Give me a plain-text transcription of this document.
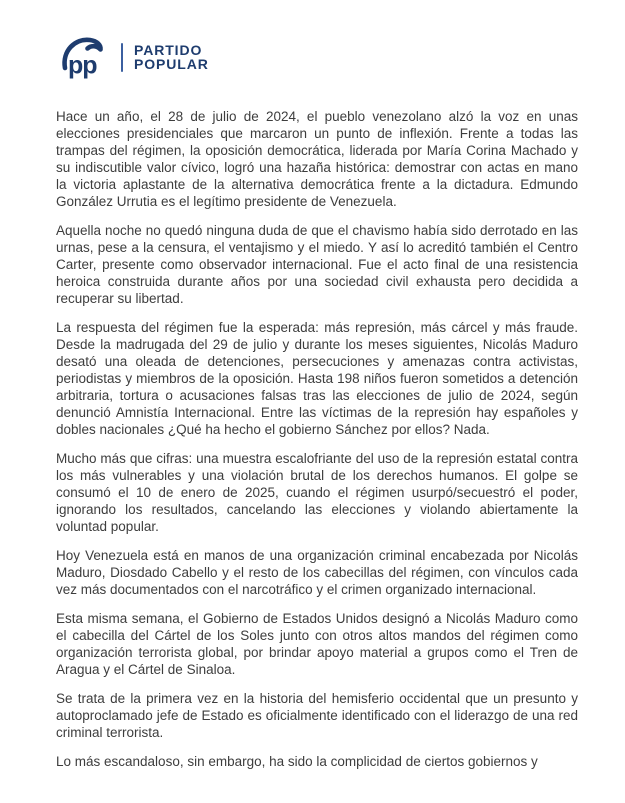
pp
PARTIDO
POPULAR

Hace un año, el 28 de julio de 2024, el pueblo venezolano alzó la voz en unas elecciones presidenciales que marcaron un punto de inflexión. Frente a todas las trampas del régimen, la oposición democrática, liderada por María Corina Machado y su indiscutible valor cívico, logró una hazaña histórica: demostrar con actas en mano la victoria aplastante de la alternativa democrática frente a la dictadura. Edmundo González Urrutia es el legítimo presidente de Venezuela.

Aquella noche no quedó ninguna duda de que el chavismo había sido derrotado en las urnas, pese a la censura, el ventajismo y el miedo. Y así lo acreditó también el Centro Carter, presente como observador internacional. Fue el acto final de una resistencia heroica construida durante años por una sociedad civil exhausta pero decidida a recuperar su libertad.

La respuesta del régimen fue la esperada: más represión, más cárcel y más fraude. Desde la madrugada del 29 de julio y durante los meses siguientes, Nicolás Maduro desató una oleada de detenciones, persecuciones y amenazas contra activistas, periodistas y miembros de la oposición. Hasta 198 niños fueron sometidos a detención arbitraria, tortura o acusaciones falsas tras las elecciones de julio de 2024, según denunció Amnistía Internacional. Entre las víctimas de la represión hay españoles y dobles nacionales ¿Qué ha hecho el gobierno Sánchez por ellos? Nada.

Mucho más que cifras: una muestra escalofriante del uso de la represión estatal contra los más vulnerables y una violación brutal de los derechos humanos. El golpe se consumó el 10 de enero de 2025, cuando el régimen usurpó/secuestró el poder, ignorando los resultados, cancelando las elecciones y violando abiertamente la voluntad popular.

Hoy Venezuela está en manos de una organización criminal encabezada por Nicolás Maduro, Diosdado Cabello y el resto de los cabecillas del régimen, con vínculos cada vez más documentados con el narcotráfico y el crimen organizado internacional.

Esta misma semana, el Gobierno de Estados Unidos designó a Nicolás Maduro como el cabecilla del Cártel de los Soles junto con otros altos mandos del régimen como organización terrorista global, por brindar apoyo material a grupos como el Tren de Aragua y el Cártel de Sinaloa.

Se trata de la primera vez en la historia del hemisferio occidental que un presunto y autoproclamado jefe de Estado es oficialmente identificado con el liderazgo de una red criminal terrorista.

Lo más escandaloso, sin embargo, ha sido la complicidad de ciertos gobiernos y
